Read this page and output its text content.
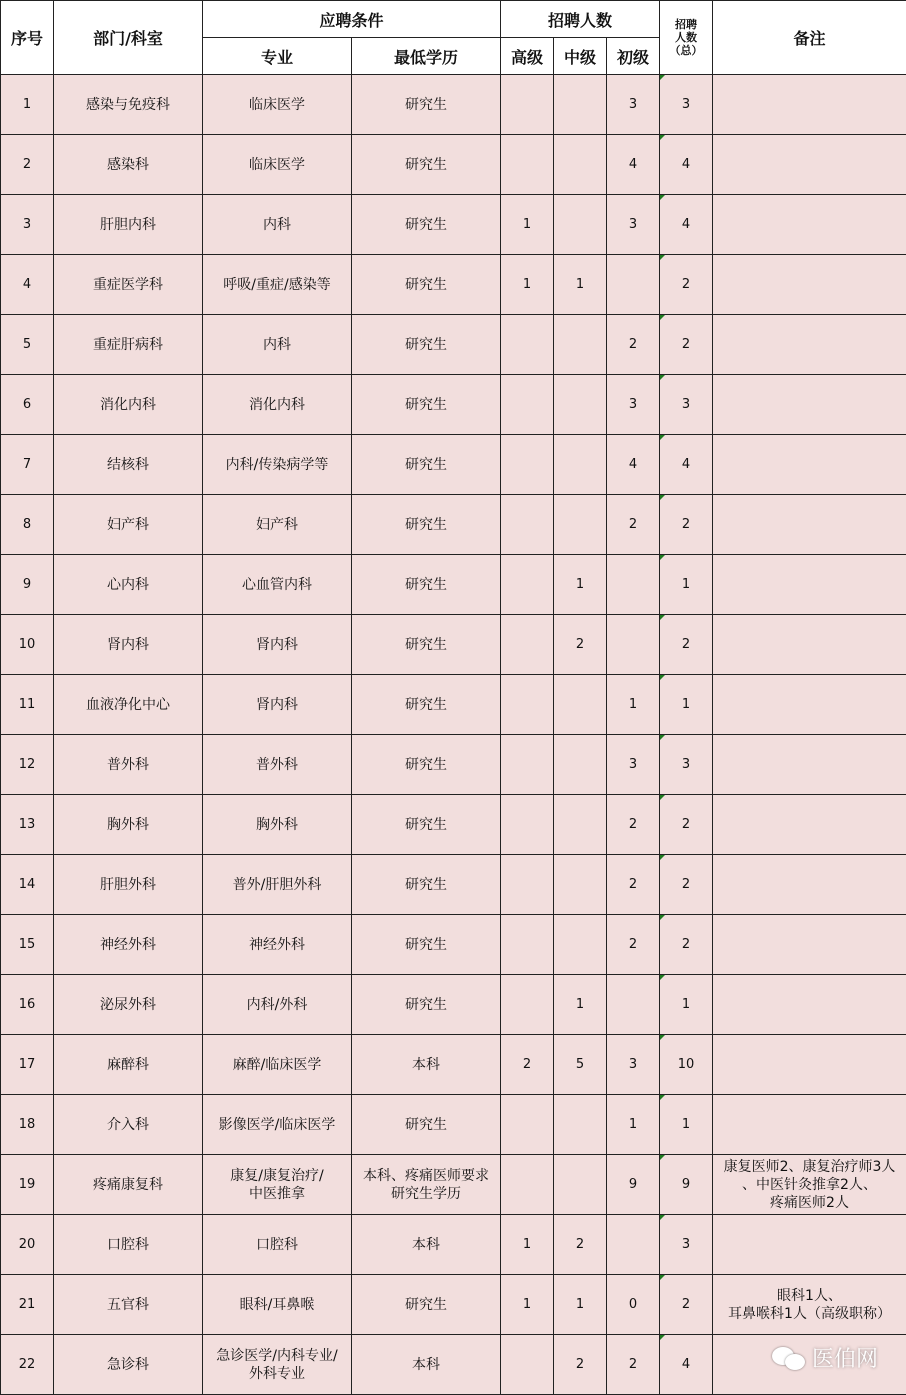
序号	部门/科室	应聘条件		招聘人数			招聘
人数
（总）	备注
		专业	最低学历	高级	中级	初级		
1	感染与免疫科	临床医学	研究生			3	3	
2	感染科	临床医学	研究生			4	4	
3	肝胆内科	内科	研究生	1		3	4	
4	重症医学科	呼吸/重症/感染等	研究生	1	1		2	
5	重症肝病科	内科	研究生			2	2	
6	消化内科	消化内科	研究生			3	3	
7	结核科	内科/传染病学等	研究生			4	4	
8	妇产科	妇产科	研究生			2	2	
9	心内科	心血管内科	研究生		1		1	
10	肾内科	肾内科	研究生		2		2	
11	血液净化中心	肾内科	研究生			1	1	
12	普外科	普外科	研究生			3	3	
13	胸外科	胸外科	研究生			2	2	
14	肝胆外科	普外/肝胆外科	研究生			2	2	
15	神经外科	神经外科	研究生			2	2	
16	泌尿外科	内科/外科	研究生		1		1	
17	麻醉科	麻醉/临床医学	本科	2	5	3	10	
18	介入科	影像医学/临床医学	研究生			1	1	
19	疼痛康复科	康复/康复治疗/
中医推拿	本科、疼痛医师要求
研究生学历			9	9	康复医师2、康复治疗师3人
、中医针灸推拿2人、
疼痛医师2人
20	口腔科	口腔科	本科	1	2		3	
21	五官科	眼科/耳鼻喉	研究生	1	1	0	2	眼科1人、
耳鼻喉科1人（高级职称）
22	急诊科	急诊医学/内科专业/
外科专业	本科		2	2	4		医伯网
